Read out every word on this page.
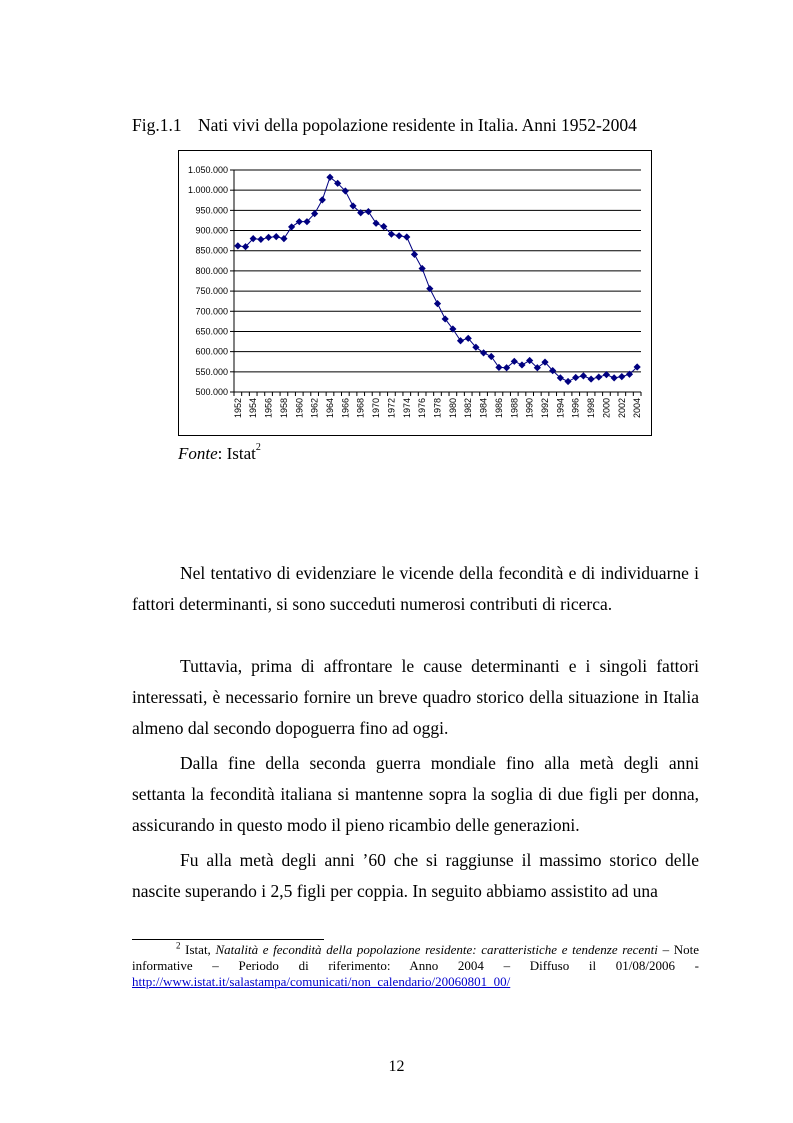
Fig.1.1 Nati vivi della popolazione residente in Italia. Anni 1952-2004
500.000
550.000
600.000
650.000
700.000
750.000
800.000
850.000
900.000
950.000
1.000.000
1.050.000
1952 1954 1956 1958 1960 1962 1964 1966 1968 1970 1972 1974 1976 1978 1980 1982 1984 1986 1988 1990 1992 1994 1996 1998 2000 2002 2004
Fonte: Istat$^2$

Nel tentativo di evidenziare le vicende della fecondità e di individuarne i fattori determinanti, si sono succeduti numerosi contributi di ricerca.

Tuttavia, prima di affrontare le cause determinanti e i singoli fattori interessati, è necessario fornire un breve quadro storico della situazione in Italia almeno dal secondo dopoguerra fino ad oggi.

Dalla fine della seconda guerra mondiale fino alla metà degli anni settanta la fecondità italiana si mantenne sopra la soglia di due figli per donna, assicurando in questo modo il pieno ricambio delle generazioni.

Fu alla metà degli anni ’60 che si raggiunse il massimo storico delle nascite superando i 2,5 figli per coppia. In seguito abbiamo assistito ad una

$^2$ Istat, Natalità e fecondità della popolazione residente: caratteristiche e tendenze recenti – Note informative – Periodo di riferimento: Anno 2004 – Diffuso il 01/08/2006 - http://www.istat.it/salastampa/comunicati/non_calendario/20060801_00/

12
